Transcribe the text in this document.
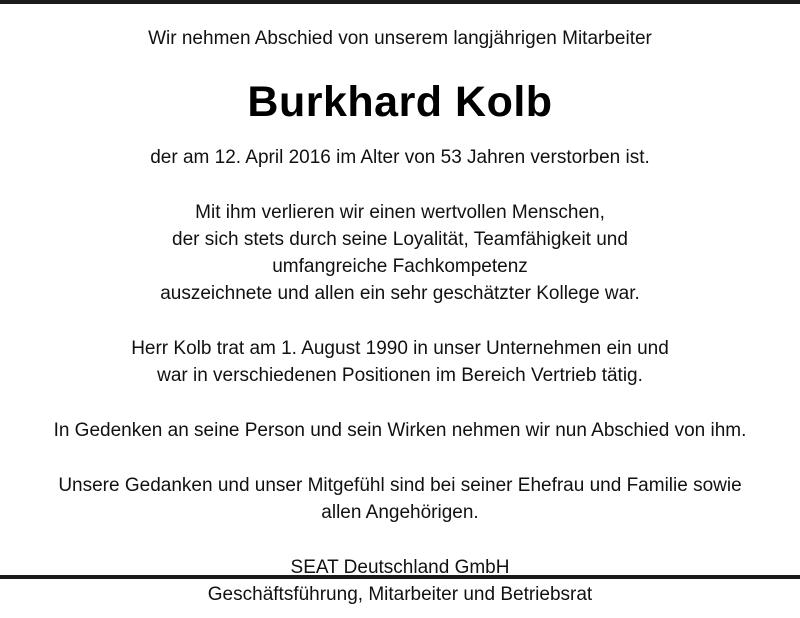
Wir nehmen Abschied von unserem langjährigen Mitarbeiter
Burkhard Kolb
der am 12. April 2016 im Alter von 53 Jahren verstorben ist.

Mit ihm verlieren wir einen wertvollen Menschen,

der sich stets durch seine Loyalität, Teamfähigkeit und

umfangreiche Fachkompetenz

auszeichnete und allen ein sehr geschätzter Kollege war.

Herr Kolb trat am 1. August 1990 in unser Unternehmen ein und

war in verschiedenen Positionen im Bereich Vertrieb tätig.

In Gedenken an seine Person und sein Wirken nehmen wir nun Abschied von ihm.

Unsere Gedanken und unser Mitgefühl sind bei seiner Ehefrau und Familie sowie

allen Angehörigen.

SEAT Deutschland GmbH

Geschäftsführung, Mitarbeiter und Betriebsrat
